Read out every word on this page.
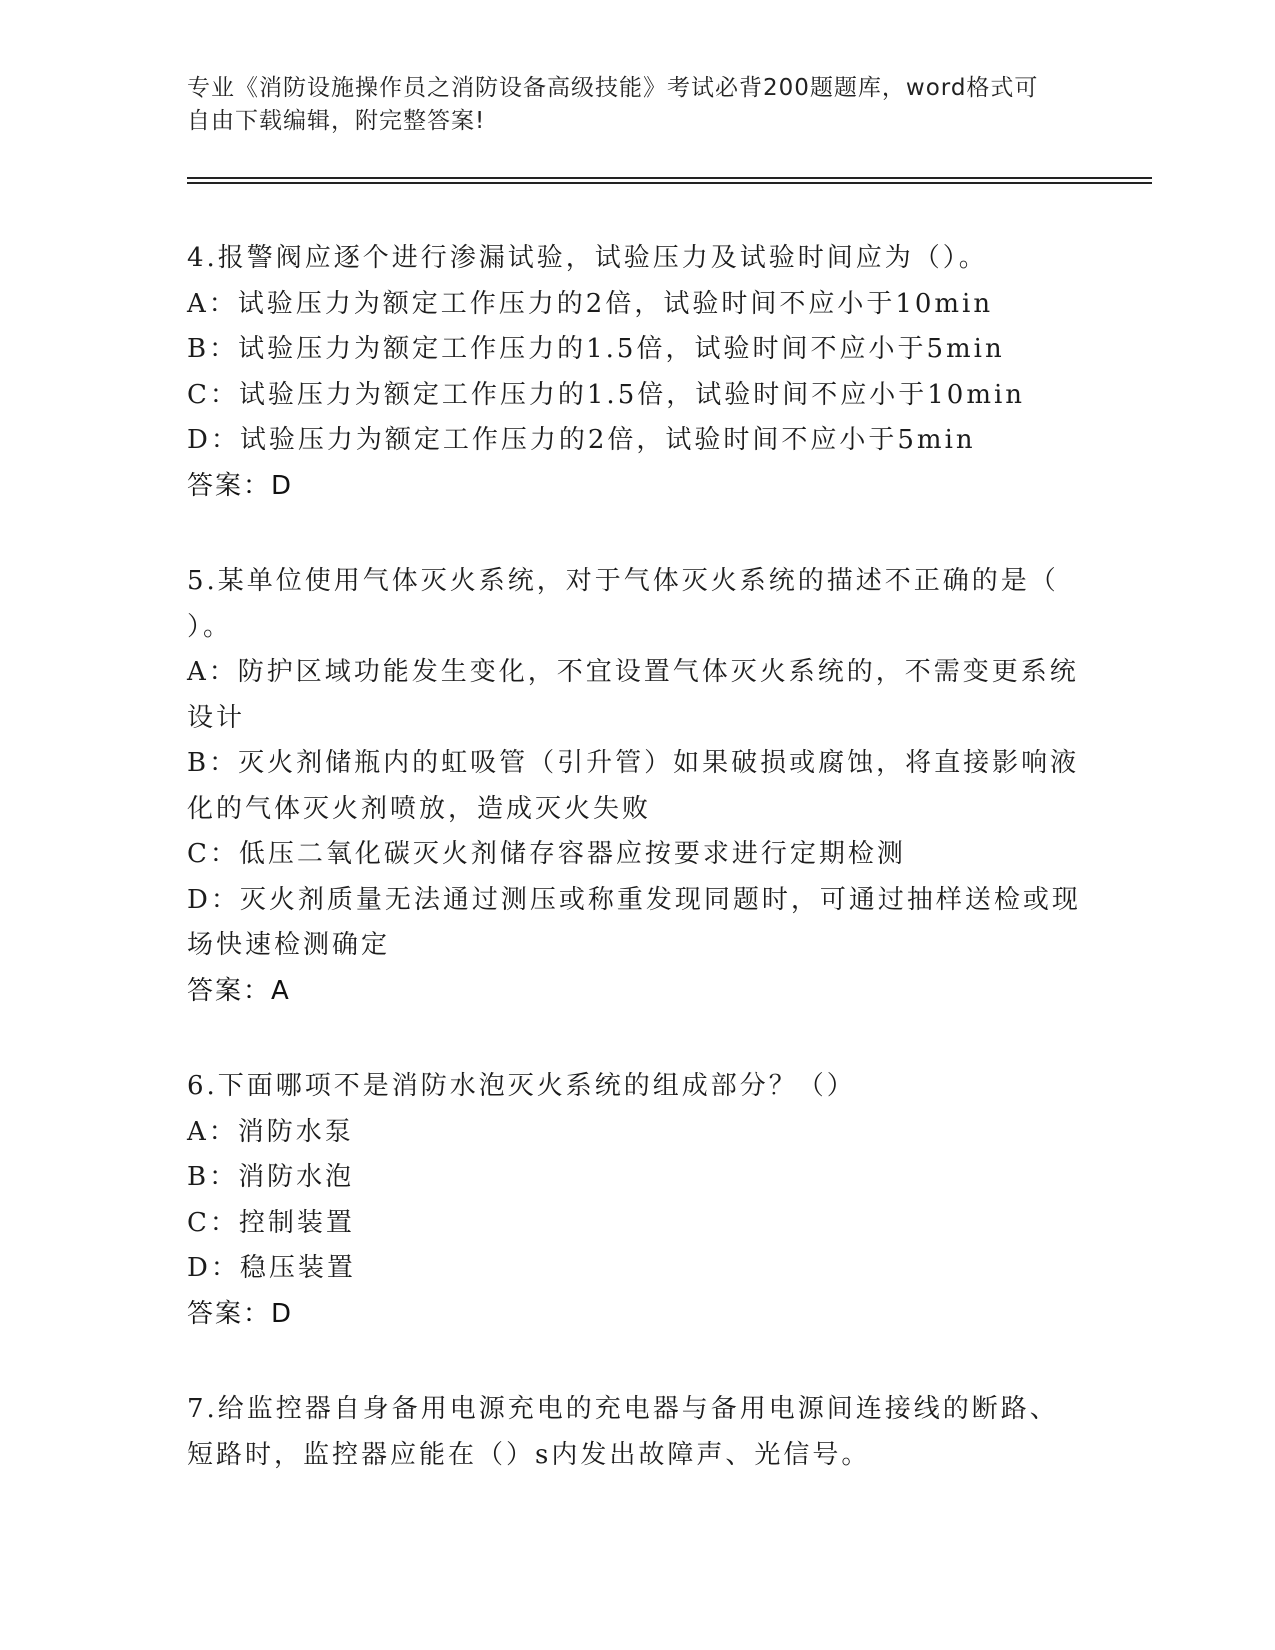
专业《消防设施操作员之消防设备高级技能》考试必背200题题库，word格式可
自由下载编辑，附完整答案!
4.报警阀应逐个进行渗漏试验，试验压力及试验时间应为（）。
A：试验压力为额定工作压力的2倍，试验时间不应小于10min
B：试验压力为额定工作压力的1.5倍，试验时间不应小于5min
C：试验压力为额定工作压力的1.5倍，试验时间不应小于10min
D：试验压力为额定工作压力的2倍，试验时间不应小于5min
答案：D
5.某单位使用气体灭火系统，对于气体灭火系统的描述不正确的是（
）。
A：防护区域功能发生变化，不宜设置气体灭火系统的，不需变更系统
设计
B：灭火剂储瓶内的虹吸管（引升管）如果破损或腐蚀，将直接影响液
化的气体灭火剂喷放，造成灭火失败
C：低压二氧化碳灭火剂储存容器应按要求进行定期检测
D：灭火剂质量无法通过测压或称重发现同题时，可通过抽样送检或现
场快速检测确定
答案：A
6.下面哪项不是消防水泡灭火系统的组成部分？（）
A：消防水泵
B：消防水泡
C：控制装置
D：稳压装置
答案：D
7.给监控器自身备用电源充电的充电器与备用电源间连接线的断路、
短路时，监控器应能在（）s内发出故障声、光信号。
